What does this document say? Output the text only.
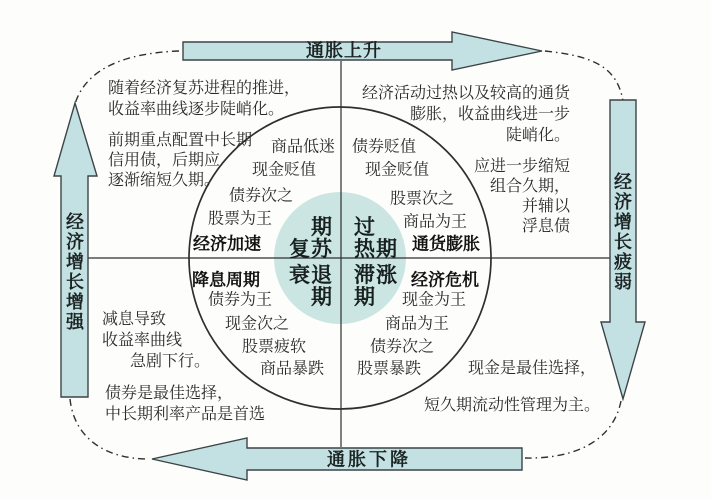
通胀上升
通胀下降
经济增长增强
经济增长疲弱
随着经济复苏进程的推进，
收益率曲线逐步陡峭化。
前期重点配置中长期
信用债，后期应
逐渐缩短久期。
经济活动过热以及较高的通货
膨胀，收益曲线进一步
陡峭化。
应进一步缩短
组合久期，
并辅以
浮息债
减息导致
收益率曲线
急剧下行。
债券是最佳选择，
中长期利率产品是首选
现金是最佳选择，
短久期流动性管理为主。
商品低迷
现金贬值
债券次之
股票为王
经济加速
债券贬值
现金贬值
股票次之
商品为王
通货膨胀
降息周期
债券为王
现金次之
股票疲软
商品暴跌
经济危机
现金为王
商品为王
债券次之
股票暴跌
期
复苏
过
热期
衰退
期
滞涨
期
